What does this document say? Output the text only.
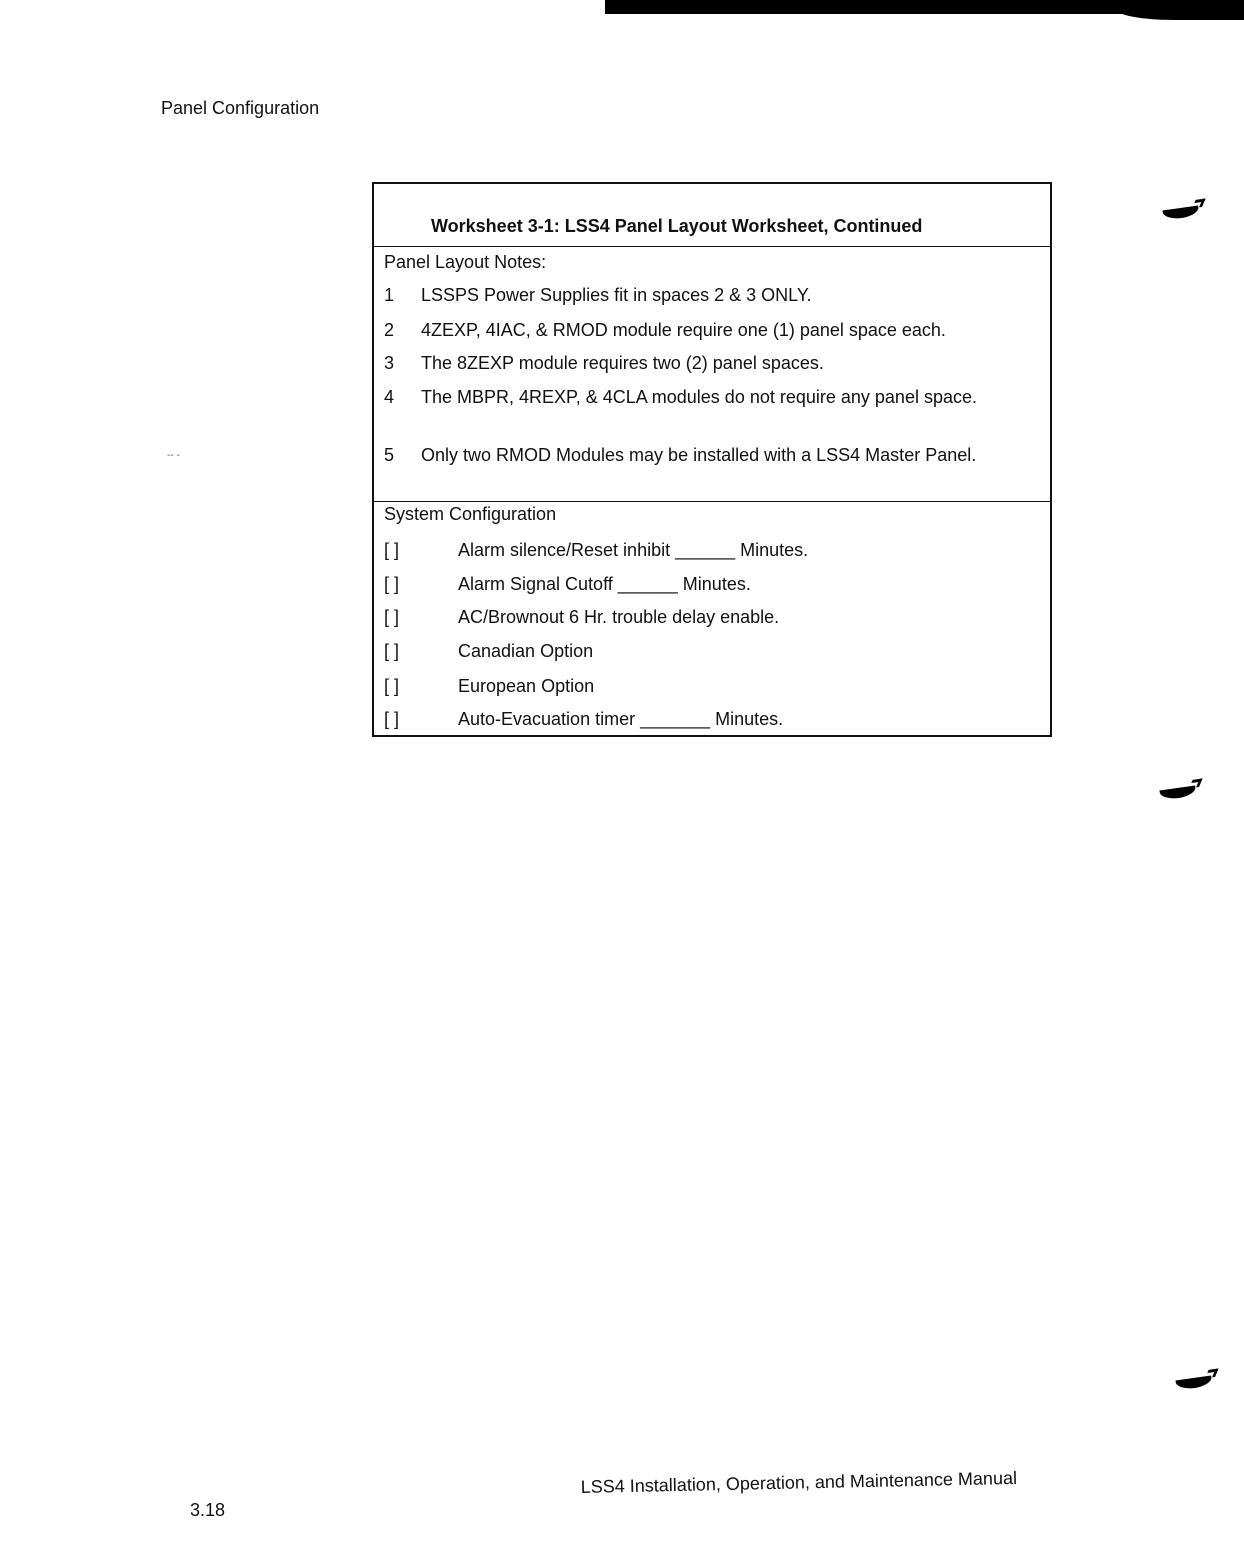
Panel Configuration
-- -
Worksheet 3-1: LSS4 Panel Layout Worksheet, Continued
Panel Layout Notes:
1	LSSPS Power Supplies fit in spaces 2 & 3 ONLY.
2	4ZEXP, 4IAC, & RMOD module require one (1) panel space each.
3	The 8ZEXP module requires two (2) panel spaces.
4	The MBPR, 4REXP, & 4CLA modules do not require any panel space.
5	Only two RMOD Modules may be installed with a LSS4 Master Panel.
System Configuration
[ ]	Alarm silence/Reset inhibit ______ Minutes.
[ ]	Alarm Signal Cutoff ______ Minutes.
[ ]	AC/Brownout 6 Hr. trouble delay enable.
[ ]	Canadian Option
[ ]	European Option
[ ]	Auto-Evacuation timer _______ Minutes.
3.18
LSS4 Installation, Operation, and Maintenance Manual
